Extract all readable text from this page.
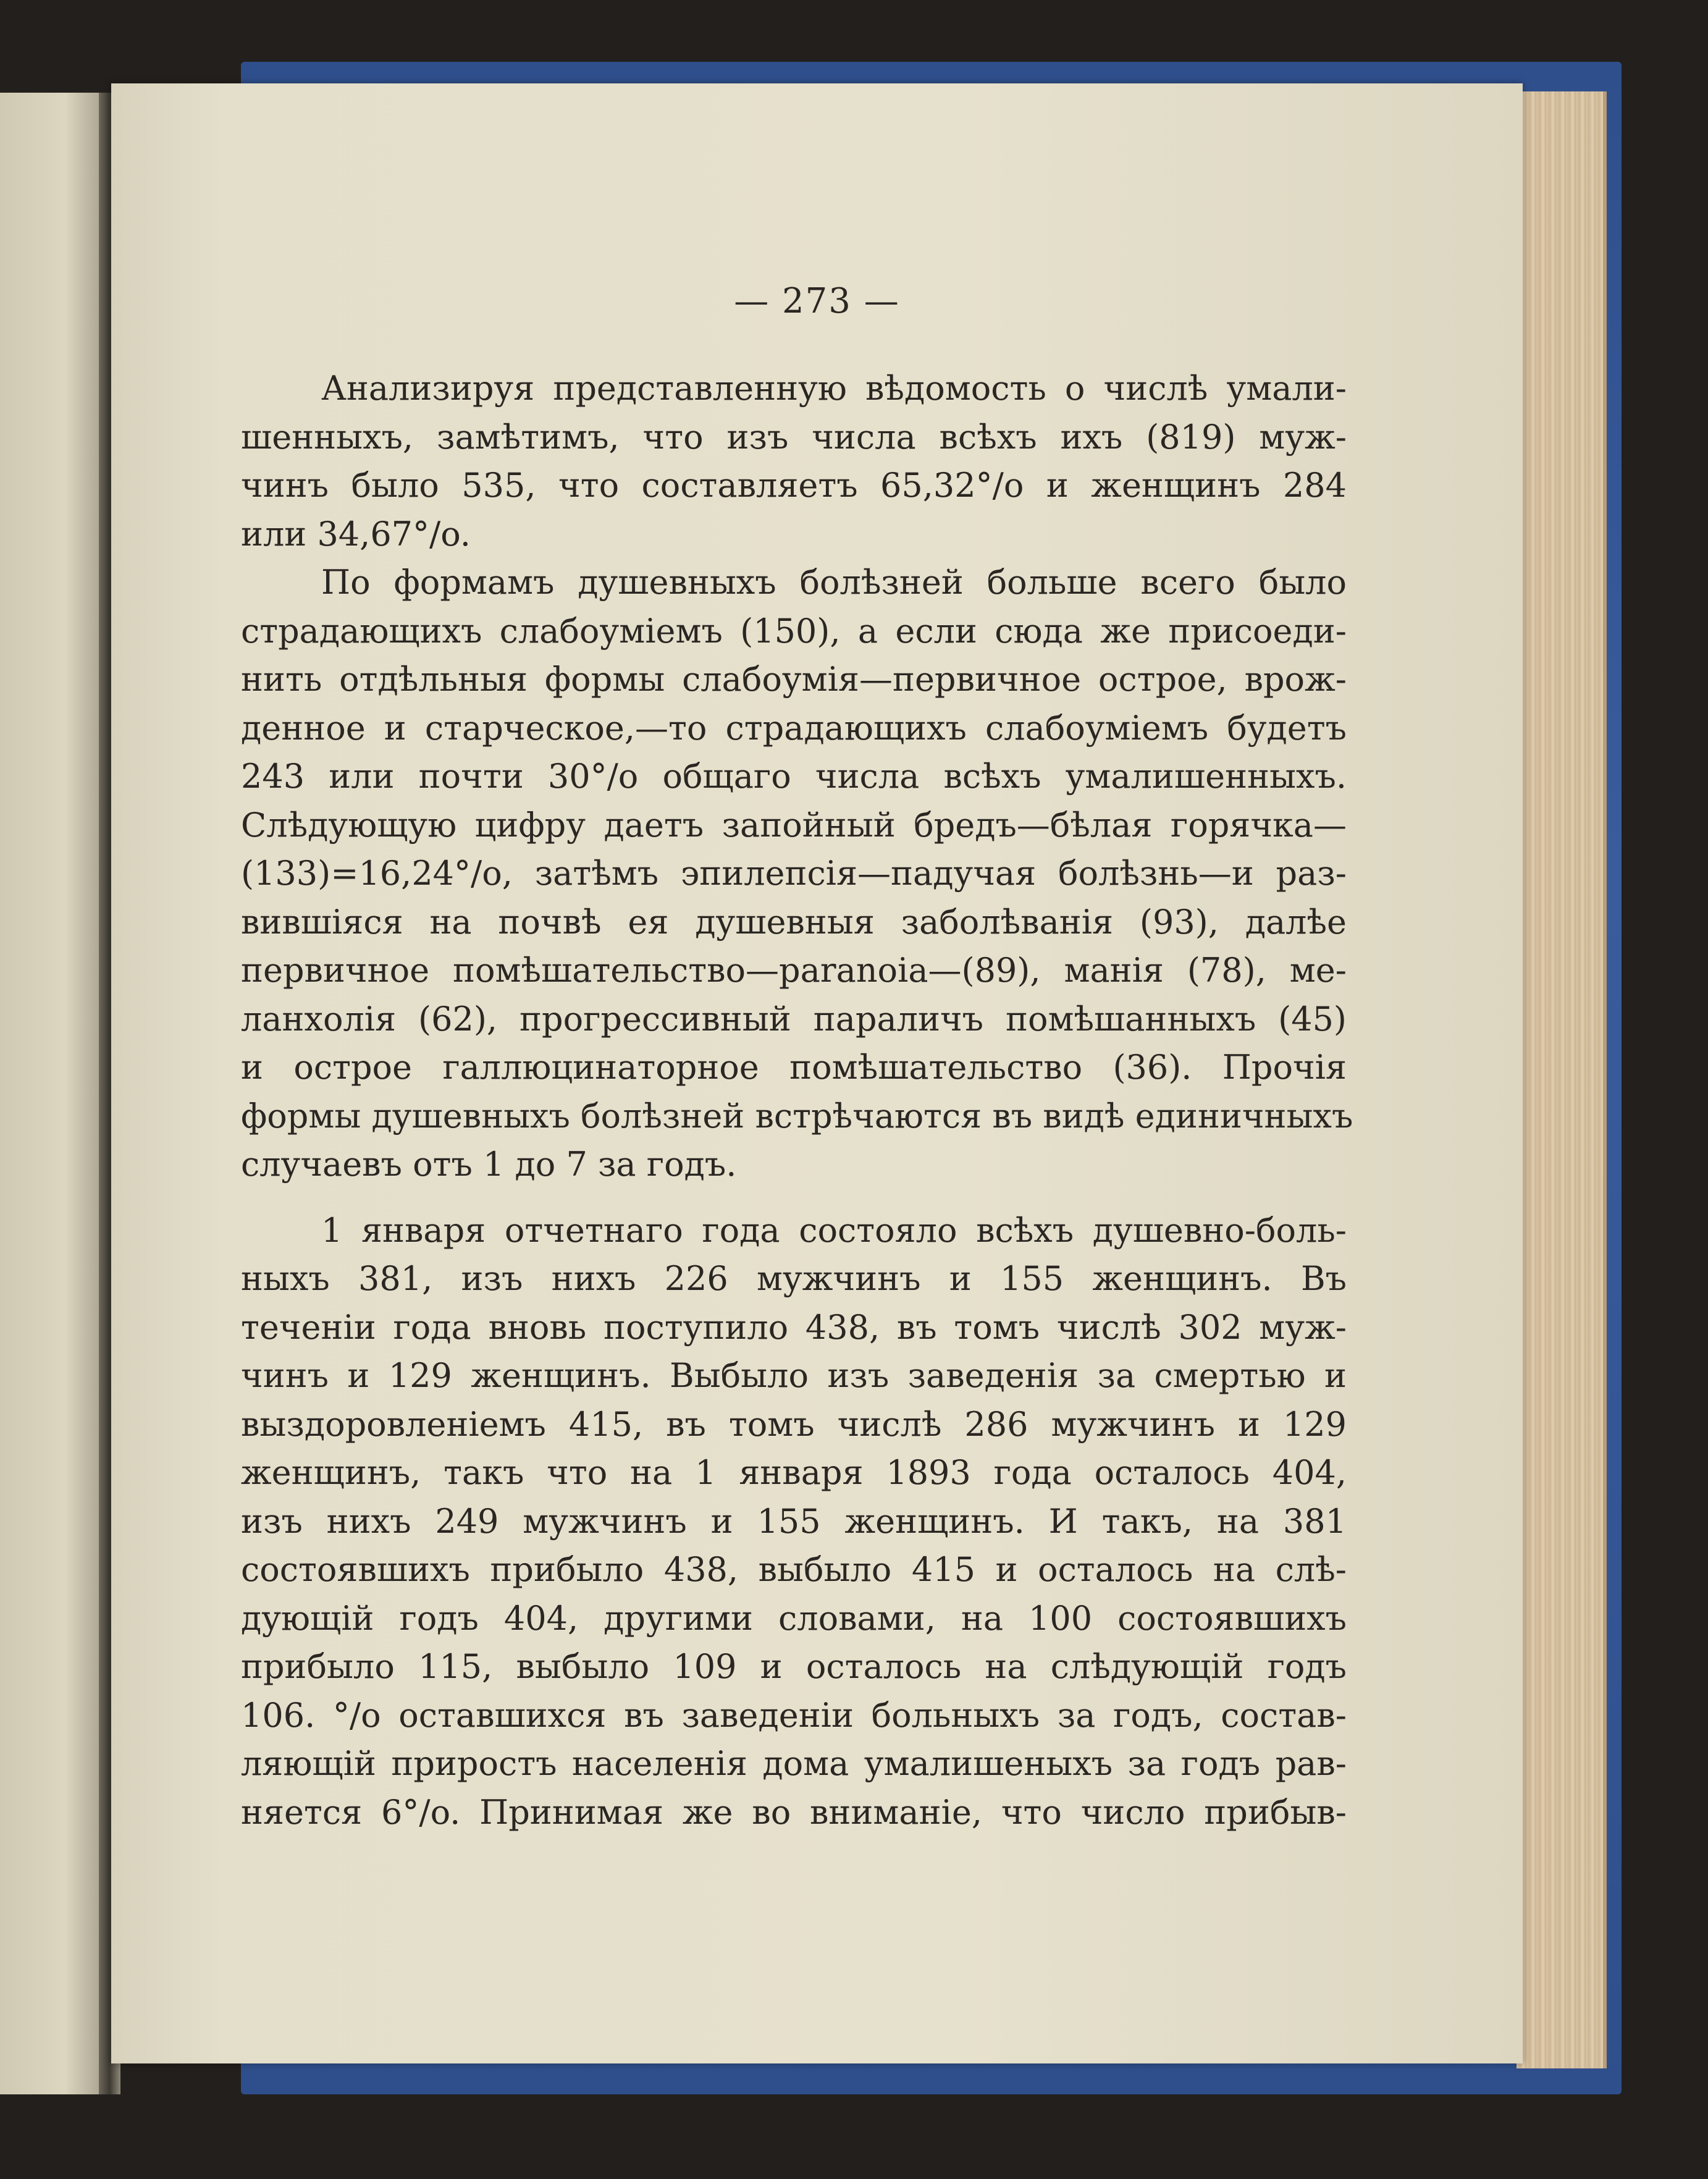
— 273 —
Анализируя представленную вѣдомость о числѣ умали-
шенныхъ, замѣтимъ, что изъ числа всѣхъ ихъ (819) муж-
чинъ было 535, что составляетъ 65,32°/o и женщинъ 284
или 34,67°/o.
По формамъ душевныхъ болѣзней больше всего было
страдающихъ слабоуміемъ (150), а если сюда же присоеди-
нить отдѣльныя формы слабоумія—первичное острое, врож-
денное и старческое,—то страдающихъ слабоуміемъ будетъ
243 или почти 30°/o общаго числа всѣхъ умалишенныхъ.
Слѣдующую цифру даетъ запойный бредъ—бѣлая горячка—
(133)=16,24°/o, затѣмъ эпилепсія—падучая болѣзнь—и раз-
вившіяся на почвѣ ея душевныя заболѣванія (93), далѣе
первичное помѣшательство—paranoia—(89), манія (78), ме-
ланхолія (62), прогрессивный параличъ помѣшанныхъ (45)
и острое галлюцинаторное помѣшательство (36). Прочія
формы душевныхъ болѣзней встрѣчаются въ видѣ единичныхъ
случаевъ отъ 1 до 7 за годъ.
1 января отчетнаго года состояло всѣхъ душевно-боль-
ныхъ 381, изъ нихъ 226 мужчинъ и 155 женщинъ. Въ
теченіи года вновь поступило 438, въ томъ числѣ 302 муж-
чинъ и 129 женщинъ. Выбыло изъ заведенія за смертью и
выздоровленіемъ 415, въ томъ числѣ 286 мужчинъ и 129
женщинъ, такъ что на 1 января 1893 года осталось 404,
изъ нихъ 249 мужчинъ и 155 женщинъ. И такъ, на 381
состоявшихъ прибыло 438, выбыло 415 и осталось на слѣ-
дующій годъ 404, другими словами, на 100 состоявшихъ
прибыло 115, выбыло 109 и осталось на слѣдующій годъ
106. °/o оставшихся въ заведеніи больныхъ за годъ, состав-
ляющій приростъ населенія дома умалишеныхъ за годъ рав-
няется 6°/o. Принимая же во вниманіе, что число прибыв-
